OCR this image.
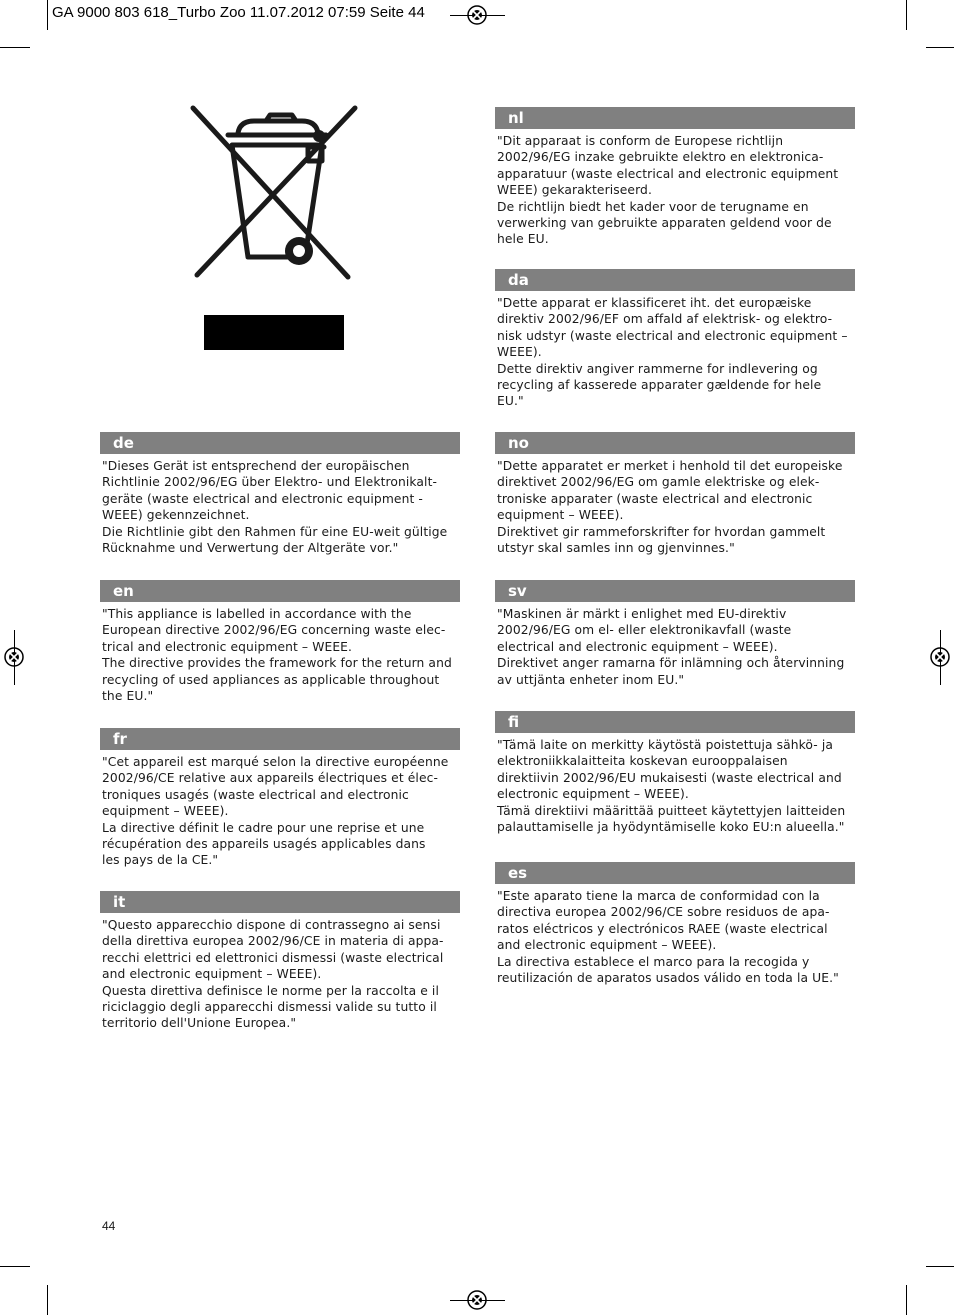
GA 9000 803 618_Turbo Zoo 11.07.2012 07:59 Seite 44
nl
"Dit apparaat is conform de Europese richtlijn
2002/96/EG inzake gebruikte elektro en elektronica-
apparatuur (waste electrical and electronic equipment
WEEE) gekarakteriseerd.
De richtlijn biedt het kader voor de terugname en
verwerking van gebruikte apparaten geldend voor de
hele EU.
da
"Dette apparat er klassificeret iht. det europæiske
direktiv 2002/96/EF om affald af elektrisk- og elektro-
nisk udstyr (waste electrical and electronic equipment –
WEEE).
Dette direktiv angiver rammerne for indlevering og
recycling af kasserede apparater gældende for hele
EU."
no
"Dette apparatet er merket i henhold til det europeiske
direktivet 2002/96/EG om gamle elektriske og elek-
troniske apparater (waste electrical and electronic
equipment – WEEE).
Direktivet gir rammeforskrifter for hvordan gammelt
utstyr skal samles inn og gjenvinnes."
sv
"Maskinen är märkt i enlighet med EU-direktiv
2002/96/EG om el- eller elektronikavfall (waste
electrical and electronic equipment – WEEE).
Direktivet anger ramarna för inlämning och återvinning
av uttjänta enheter inom EU."
fi
"Tämä laite on merkitty käytöstä poistettuja sähkö- ja
elektroniikkalaitteita koskevan eurooppalaisen
direktiivin 2002/96/EU mukaisesti (waste electrical and
electronic equipment – WEEE).
Tämä direktiivi määrittää puitteet käytettyjen laitteiden
palauttamiselle ja hyödyntämiselle koko EU:n alueella."
es
"Este aparato tiene la marca de conformidad con la
directiva europea 2002/96/CE sobre residuos de apa-
ratos eléctricos y electrónicos RAEE (waste electrical
and electronic equipment – WEEE).
La directiva establece el marco para la recogida y
reutilización de aparatos usados válido en toda la UE."
de
"Dieses Gerät ist entsprechend der europäischen
Richtlinie 2002/96/EG über Elektro- und Elektronikalt-
geräte (waste electrical and electronic equipment -
WEEE) gekennzeichnet.
Die Richtlinie gibt den Rahmen für eine EU-weit gültige
Rücknahme und Verwertung der Altgeräte vor."
en
"This appliance is labelled in accordance with the
European directive 2002/96/EG concerning waste elec-
trical and electronic equipment – WEEE.
The directive provides the framework for the return and
recycling of used appliances as applicable throughout
the EU."
fr
"Cet appareil est marqué selon la directive européenne
2002/96/CE relative aux appareils électriques et élec-
troniques usagés (waste electrical and electronic
equipment – WEEE).
La directive définit le cadre pour une reprise et une
récupération des appareils usagés applicables dans
les pays de la CE."
it
"Questo apparecchio dispone di contrassegno ai sensi
della direttiva europea 2002/96/CE in materia di appa-
recchi elettrici ed elettronici dismessi (waste electrical
and electronic equipment – WEEE).
Questa direttiva definisce le norme per la raccolta e il
riciclaggio degli apparecchi dismessi valide su tutto il
territorio dell'Unione Europea."
44
